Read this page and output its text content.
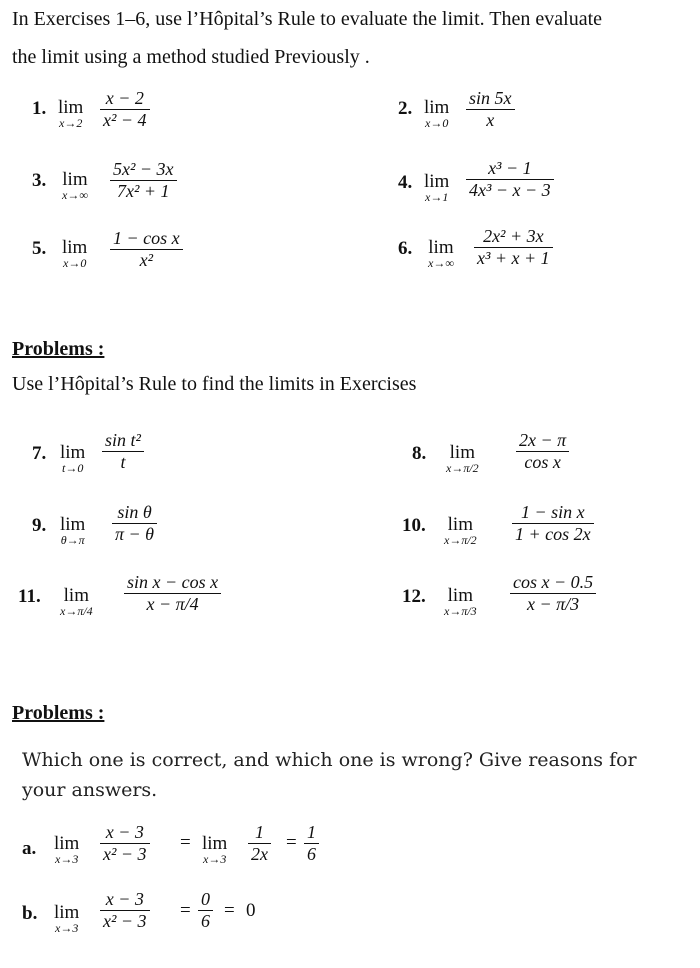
In Exercises 1–6, use l’Hôpital’s Rule to evaluate the limit. Then evaluate
the limit using a method studied Previously .
1. lim
x→2
x − 2
x² − 4
2. lim
x→0
sin 5x
x
3. lim
x→∞
5x² − 3x
7x² + 1	4. lim
x→1
x³ − 1
4x³ − x − 3
5. lim
x→0
1 − cos x
x²
6. lim
x→∞
2x² + 3x
x³ + x + 1
Problems :
Use l’Hôpital’s Rule to find the limits in Exercises
7. lim
t→0
sin t²
t	8. lim
x→π/2
2x − π
cos x
9. lim
θ→π
sin θ
π − θ	10. lim
x→π/2
1 − sin x
1 + cos 2x
11. lim
x→π/4
sin x − cos x
x − π/4	12. lim
x→π/3
cos x − 0.5
x − π/3
Problems :
Which one is correct, and which one is wrong? Give reasons for
your answers.
a. lim
x→3
x − 3
x² − 3
= lim
x→3
1
2x
= 1
6
b. lim
x→3
x − 3
x² − 3 =
0
6 = 0
